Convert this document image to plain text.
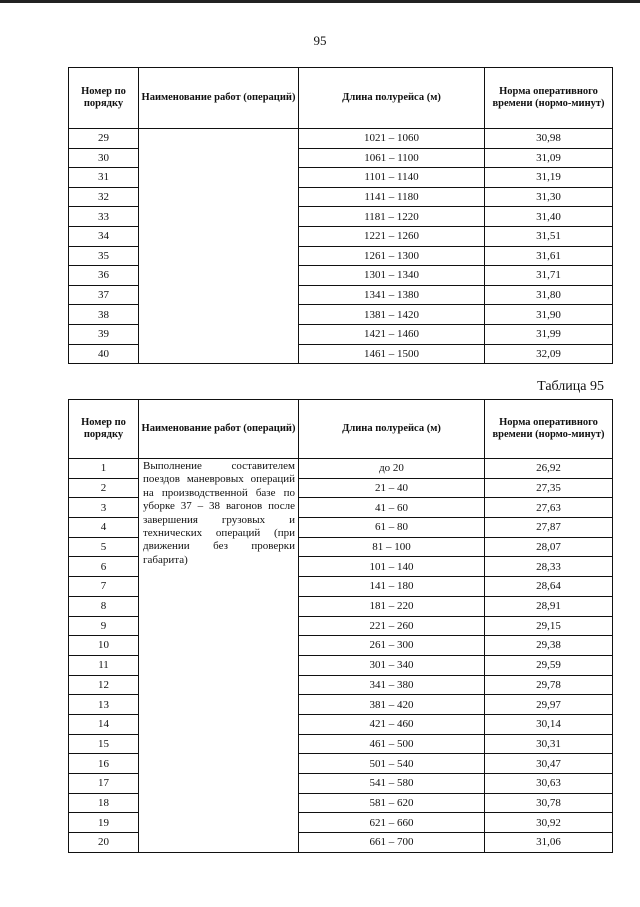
95
Номер по порядку	Наименование работ (операций)	Длина полурейса (м)	Норма оперативного времени (нормо-минут)
29		1021 – 1060	30,98
30		1061 – 1100	31,09
31		1101 – 1140	31,19
32		1141 – 1180	31,30
33		1181 – 1220	31,40
34		1221 – 1260	31,51
35		1261 – 1300	31,61
36		1301 – 1340	31,71
37		1341 – 1380	31,80
38		1381 – 1420	31,90
39		1421 – 1460	31,99
40		1461 – 1500	32,09
Таблица 95
Номер по порядку	Наименование работ (операций)	Длина полурейса (м)	Норма оперативного времени (нормо-минут)
1	Выполнение составителем поездов маневровых операций на производственной базе по уборке 37 – 38 вагонов после завершения грузовых и технических операций (при движении без проверки габарита)	до 20	26,92
2		21 – 40	27,35
3		41 – 60	27,63
4		61 – 80	27,87
5		81 – 100	28,07
6		101 – 140	28,33
7		141 – 180	28,64
8		181 – 220	28,91
9		221 – 260	29,15
10		261 – 300	29,38
11		301 – 340	29,59
12		341 – 380	29,78
13		381 – 420	29,97
14		421 – 460	30,14
15		461 – 500	30,31
16		501 – 540	30,47
17		541 – 580	30,63
18		581 – 620	30,78
19		621 – 660	30,92
20		661 – 700	31,06
